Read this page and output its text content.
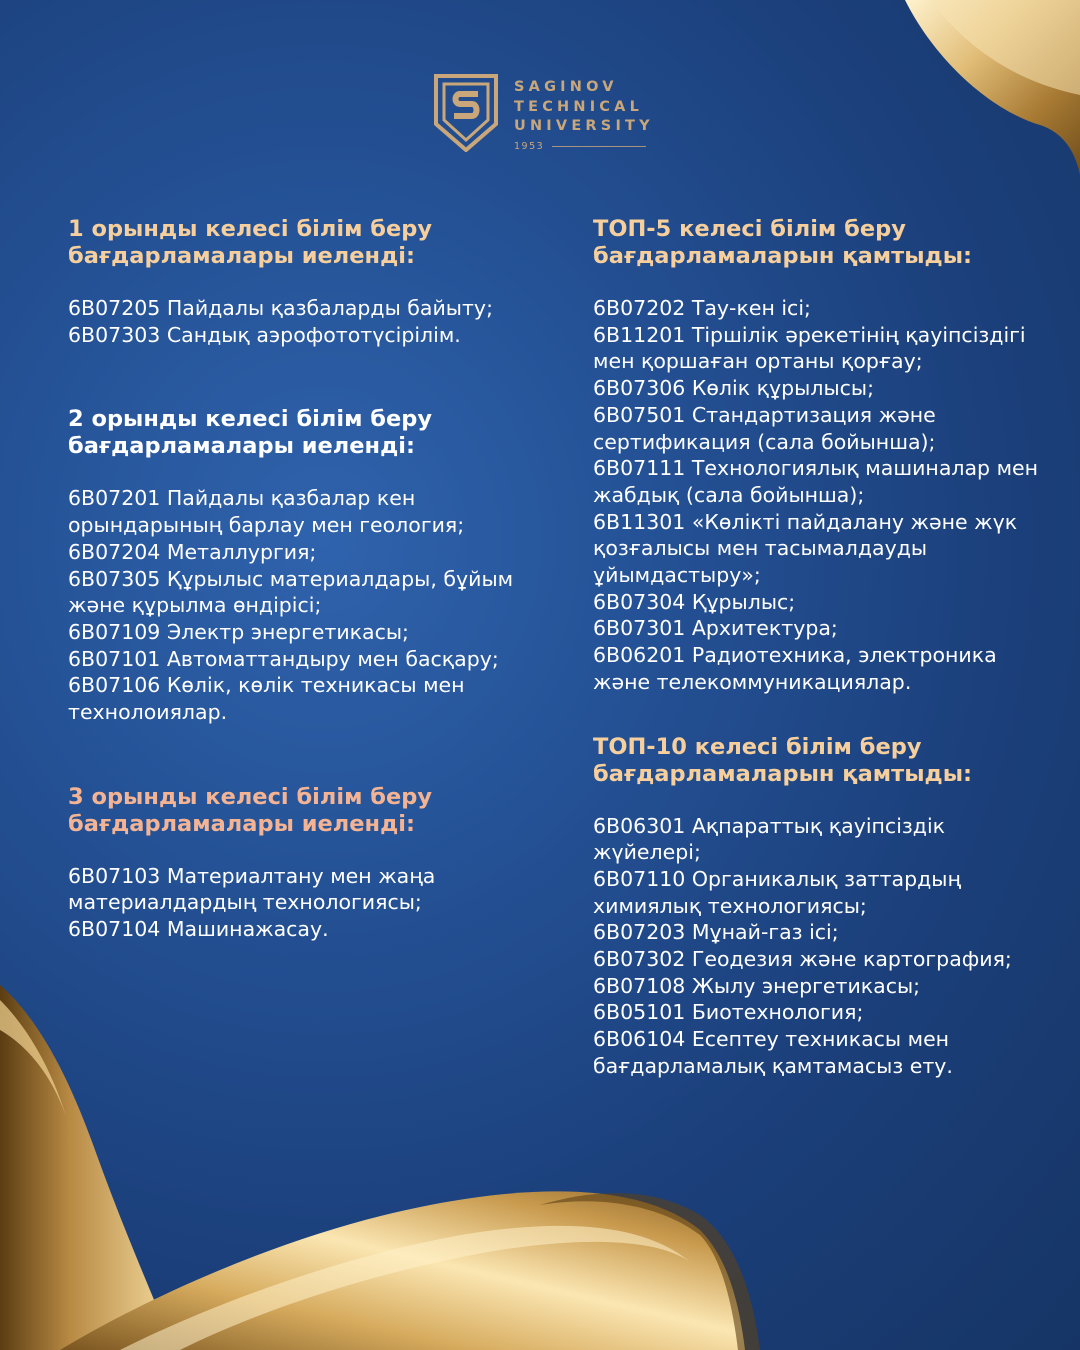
SAGINOV
TECHNICAL
UNIVERSITY
1953
1 орынды келесі білім беру бағдарламалары иеленді:
6B07205 Пайдалы қазбаларды байыту;
6B07303 Сандық аэрофототүсірілім.
2 орынды келесі білім беру бағдарламалары иеленді:
6B07201 Пайдалы қазбалар кен орындарының барлау мен геология;
6B07204 Металлургия;
6B07305 Құрылыс материалдары, бұйым және құрылма өндірісі;
6B07109 Электр энергетикасы;
6B07101 Автоматтандыру мен басқару;
6B07106 Көлік, көлік техникасы мен технолоиялар.
3 орынды келесі білім беру бағдарламалары иеленді:
6B07103 Материалтану мен жаңа материалдардың технологиясы;
6B07104 Машинажасау.
ТОП-5 келесі білім беру бағдарламаларын қамтыды:
6B07202 Тау-кен ісі;
6B11201 Тіршілік әрекетінің қауіпсіздігі мен қоршаған ортаны қорғау;
6B07306 Көлік құрылысы;
6B07501 Стандартизация және сертификация (сала бойынша);
6B07111 Технологиялық машиналар мен жабдық (сала бойынша);
6B11301 «Көлікті пайдалану және жүк қозғалысы мен тасымалдауды ұйымдастыру»;
6B07304 Құрылыс;
6B07301 Архитектура;
6B06201 Радиотехника, электроника және телекоммуникациялар.
ТОП-10 келесі білім беру бағдарламаларын қамтыды:
6B06301 Ақпараттық қауіпсіздік жүйелері;
6B07110 Органикалық заттардың химиялық технологиясы;
6B07203 Мұнай-газ ісі;
6B07302 Геодезия және картография;
6B07108 Жылу энергетикасы;
6B05101 Биотехнология;
6B06104 Есептеу техникасы мен бағдарламалық қамтамасыз ету.
